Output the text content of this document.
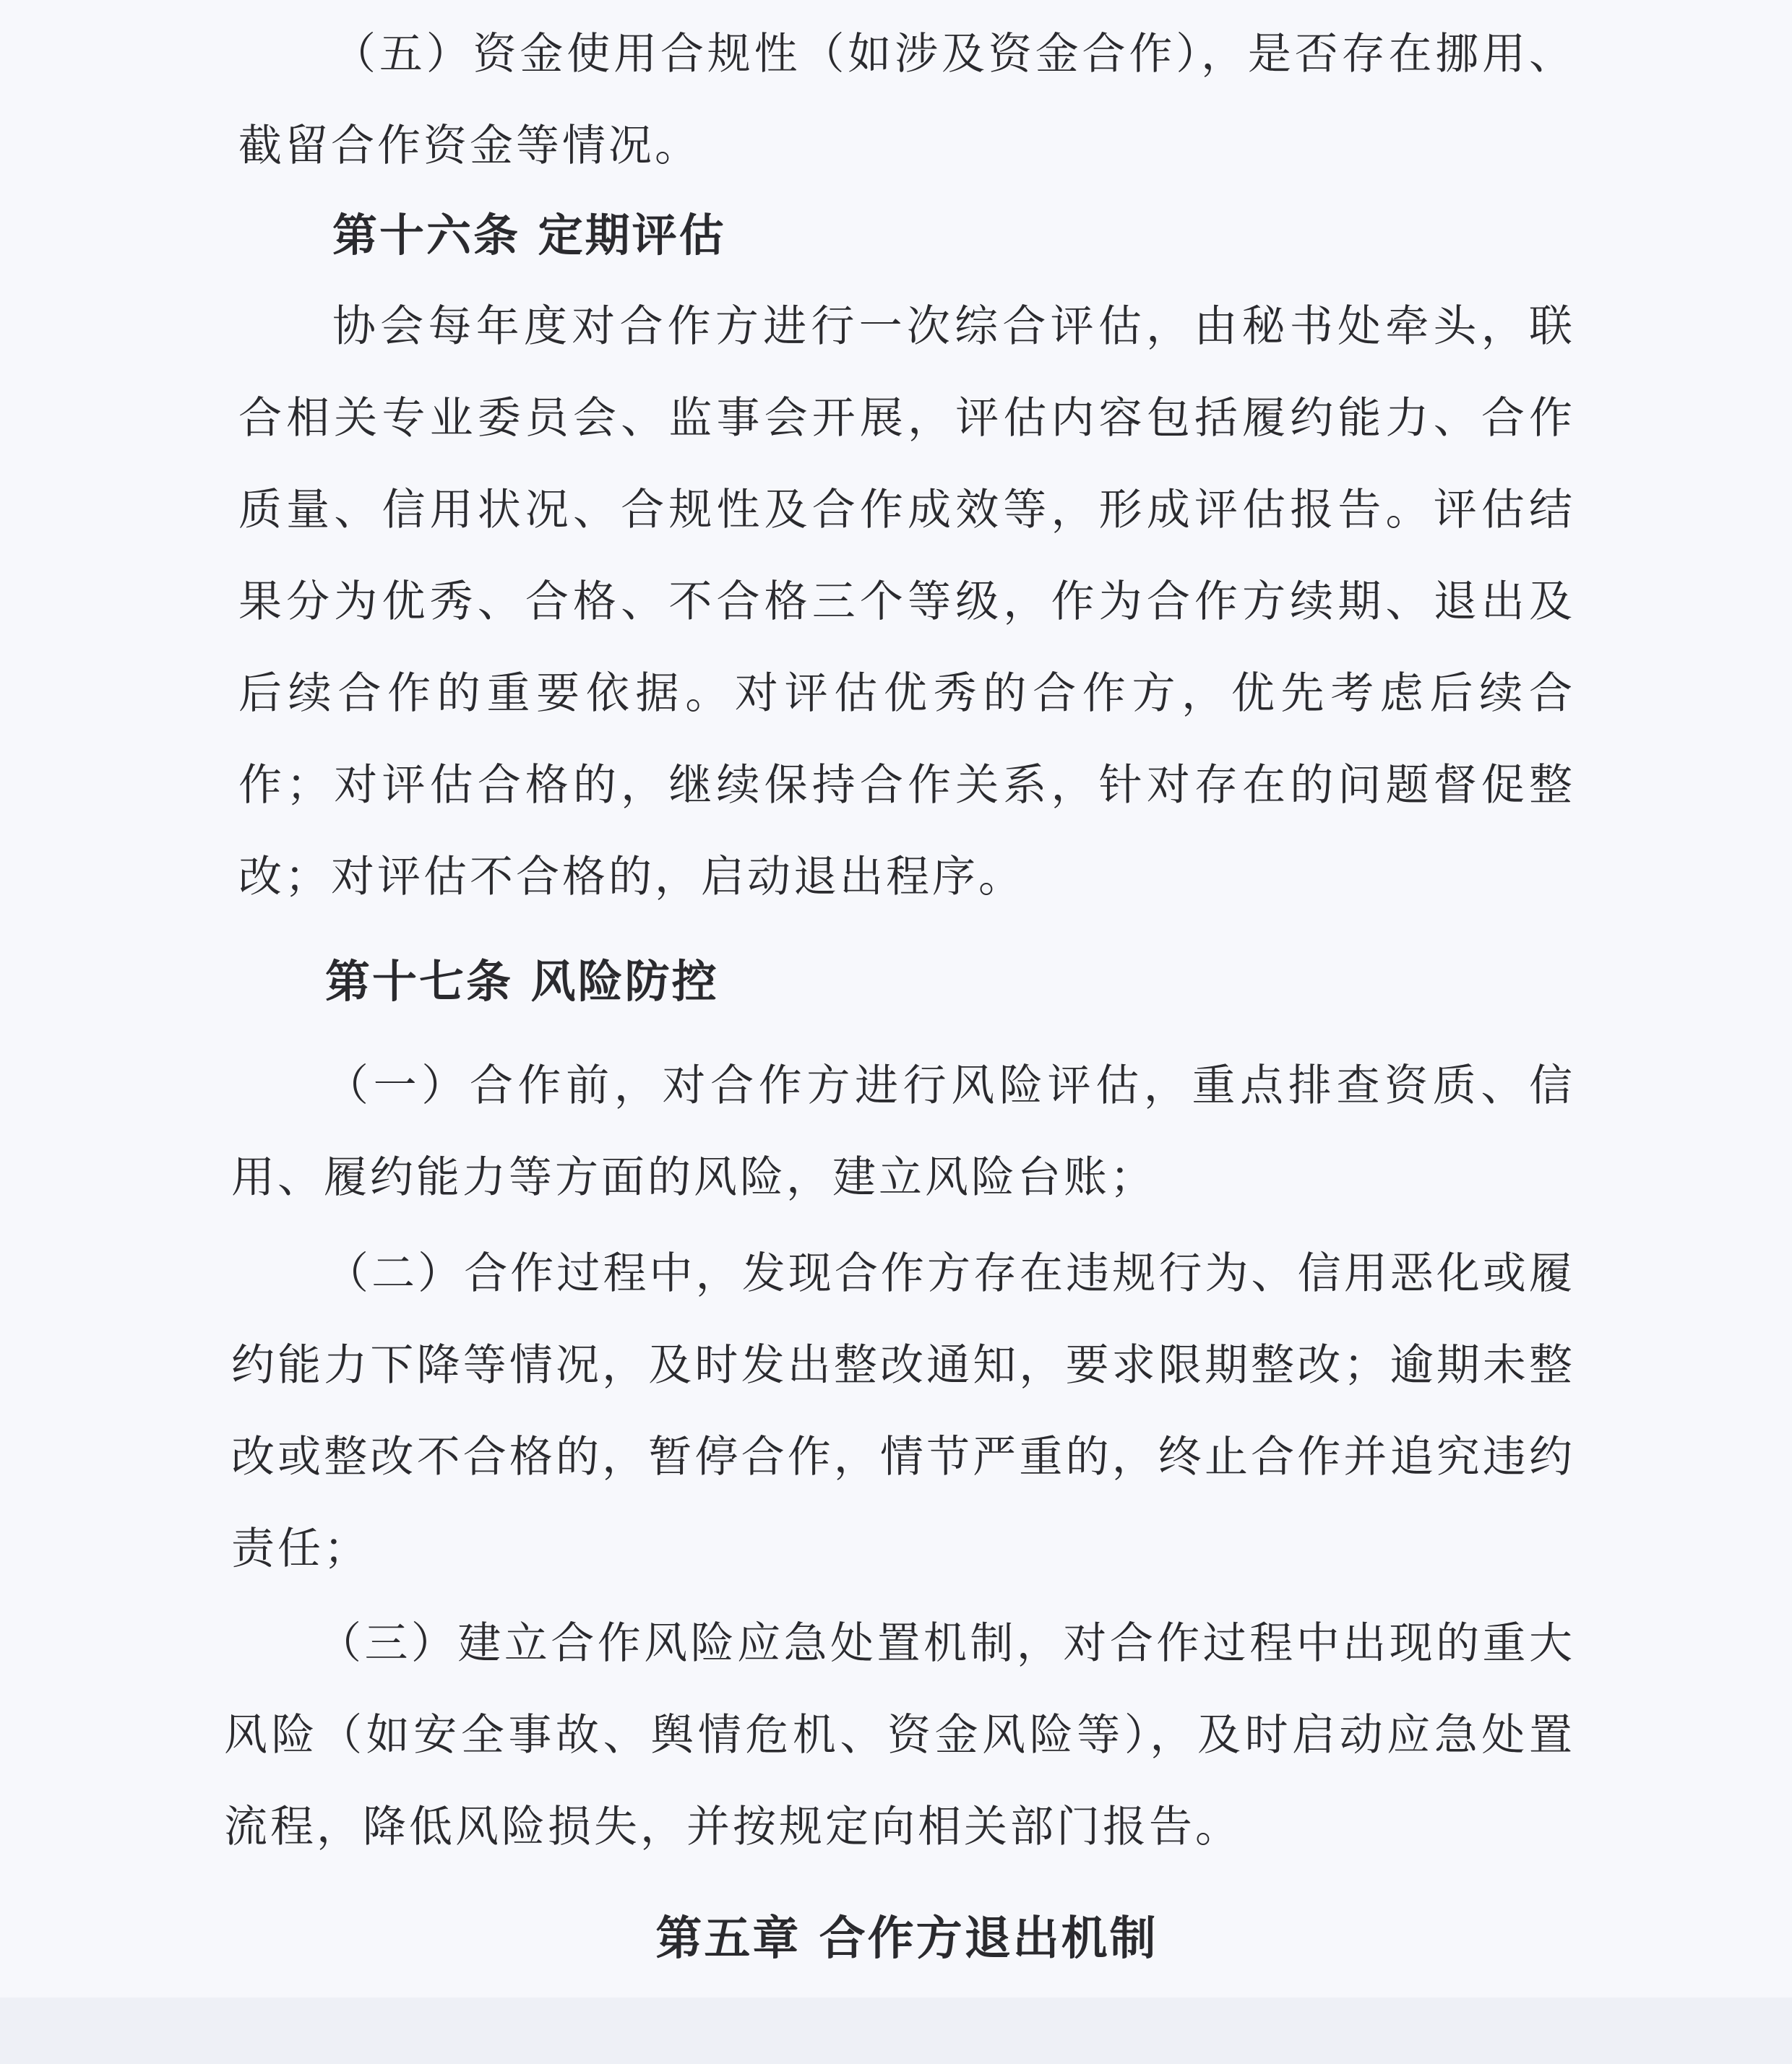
（五）资金使用合规性（如涉及资金合作），是否存在挪用、截留合作资金等情况。

第十六条 定期评估

协会每年度对合作方进行一次综合评估，由秘书处牵头，联合相关专业委员会、监事会开展，评估内容包括履约能力、合作质量、信用状况、合规性及合作成效等，形成评估报告。评估结果分为优秀、合格、不合格三个等级，作为合作方续期、退出及后续合作的重要依据。对评估优秀的合作方，优先考虑后续合作；对评估合格的，继续保持合作关系，针对存在的问题督促整改；对评估不合格的，启动退出程序。

第十七条 风险防控

（一）合作前，对合作方进行风险评估，重点排查资质、信用、履约能力等方面的风险，建立风险台账；

（二）合作过程中，发现合作方存在违规行为、信用恶化或履约能力下降等情况，及时发出整改通知，要求限期整改；逾期未整改或整改不合格的，暂停合作，情节严重的，终止合作并追究违约责任；

（三）建立合作风险应急处置机制，对合作过程中出现的重大风险（如安全事故、舆情危机、资金风险等），及时启动应急处置流程，降低风险损失，并按规定向相关部门报告。

第五章 合作方退出机制
